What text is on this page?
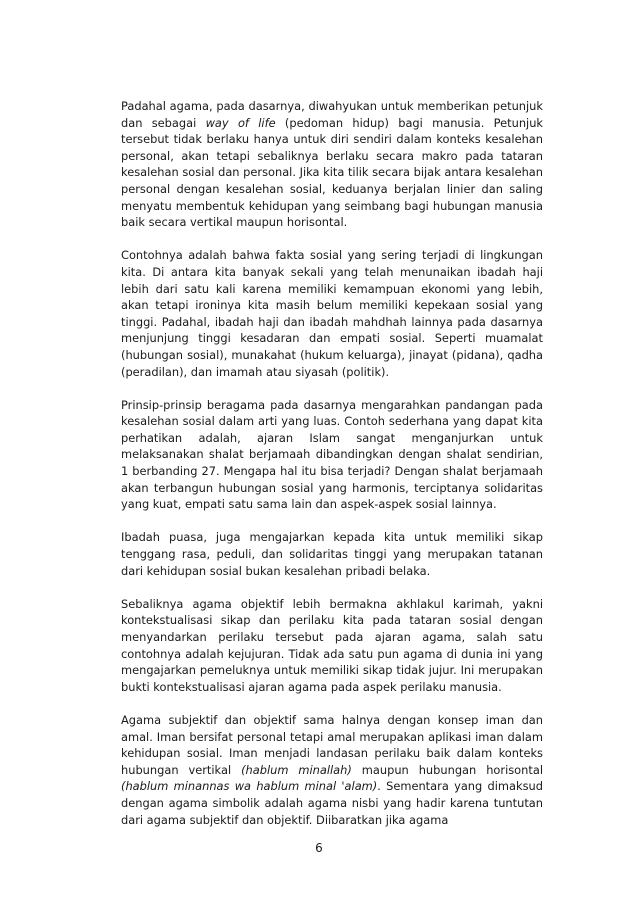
Padahal agama, pada dasarnya, diwahyukan untuk memberikan petunjuk dan sebagai way of life (pedoman hidup) bagi manusia. Petunjuk tersebut tidak berlaku hanya untuk diri sendiri dalam konteks kesalehan personal, akan tetapi sebaliknya berlaku secara makro pada tataran kesalehan sosial dan personal. Jika kita tilik secara bijak antara kesalehan personal dengan kesalehan sosial, keduanya berjalan linier dan saling menyatu membentuk kehidupan yang seimbang bagi hubungan manusia baik secara vertikal maupun horisontal.

Contohnya adalah bahwa fakta sosial yang sering terjadi di lingkungan kita. Di antara kita banyak sekali yang telah menunaikan ibadah haji lebih dari satu kali karena memiliki kemampuan ekonomi yang lebih, akan tetapi ironinya kita masih belum memiliki kepekaan sosial yang tinggi. Padahal, ibadah haji dan ibadah mahdhah lainnya pada dasarnya menjunjung tinggi kesadaran dan empati sosial. Seperti muamalat (hubungan sosial), munakahat (hukum keluarga), jinayat (pidana), qadha (peradilan), dan imamah atau siyasah (politik).

Prinsip-prinsip beragama pada dasarnya mengarahkan pandangan pada kesalehan sosial dalam arti yang luas. Contoh sederhana yang dapat kita perhatikan adalah, ajaran Islam sangat menganjurkan untuk melaksanakan shalat berjamaah dibandingkan dengan shalat sendirian, 1 berbanding 27. Mengapa hal itu bisa terjadi? Dengan shalat berjamaah akan terbangun hubungan sosial yang harmonis, terciptanya solidaritas yang kuat, empati satu sama lain dan aspek-aspek sosial lainnya.

Ibadah puasa, juga mengajarkan kepada kita untuk memiliki sikap tenggang rasa, peduli, dan solidaritas tinggi yang merupakan tatanan dari kehidupan sosial bukan kesalehan pribadi belaka.

Sebaliknya agama objektif lebih bermakna akhlakul karimah, yakni kontekstualisasi sikap dan perilaku kita pada tataran sosial dengan menyandarkan perilaku tersebut pada ajaran agama, salah satu contohnya adalah kejujuran. Tidak ada satu pun agama di dunia ini yang mengajarkan pemeluknya untuk memiliki sikap tidak jujur. Ini merupakan bukti kontekstualisasi ajaran agama pada aspek perilaku manusia.

Agama subjektif dan objektif sama halnya dengan konsep iman dan amal. Iman bersifat personal tetapi amal merupakan aplikasi iman dalam kehidupan sosial. Iman menjadi landasan perilaku baik dalam konteks hubungan vertikal (hablum minallah) maupun hubungan horisontal (hablum minannas wa hablum minal 'alam). Sementara yang dimaksud dengan agama simbolik adalah agama nisbi yang hadir karena tuntutan dari agama subjektif dan objektif. Diibaratkan jika agama

6
